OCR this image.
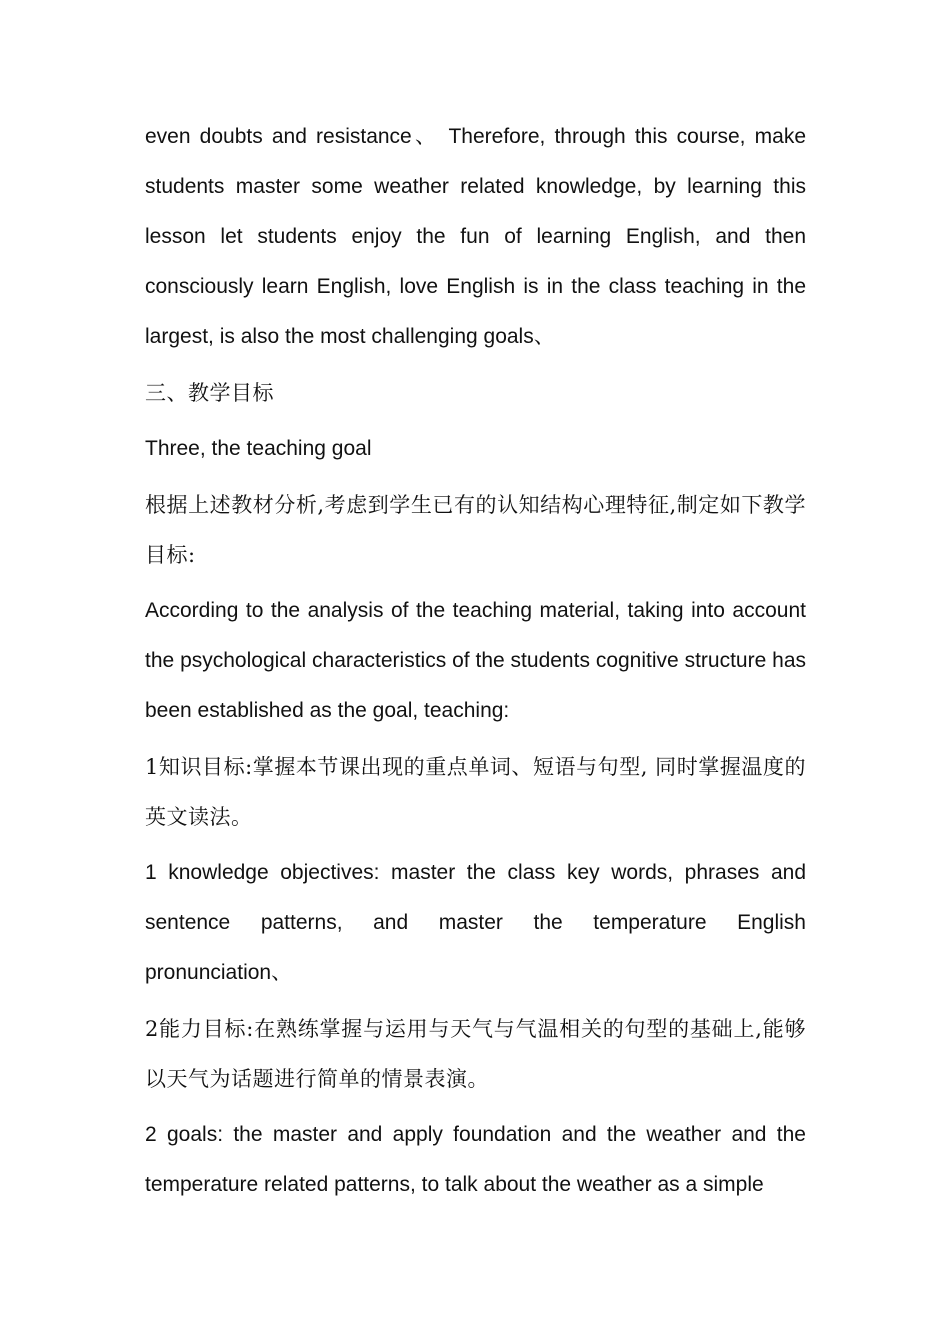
even doubts and resistance、 Therefore, through this course, make students master some weather related knowledge, by learning this lesson let students enjoy the fun of learning English, and then consciously learn English, love English is in the class teaching in the largest, is also the most challenging goals、

三、教学目标

Three, the teaching goal

根据上述教材分析,考虑到学生已有的认知结构心理特征,制定如下教学目标:

According to the analysis of the teaching material, taking into account the psychological characteristics of the students cognitive structure has been established as the goal, teaching:

1知识目标:掌握本节课出现的重点单词、短语与句型, 同时掌握温度的英文读法。

1 knowledge objectives: master the class key words, phrases and sentence patterns, and master the temperature English pronunciation、

2能力目标:在熟练掌握与运用与天气与气温相关的句型的基础上,能够以天气为话题进行简单的情景表演。

2 goals: the master and apply foundation and the weather and the temperature related patterns, to talk about the weather as a simple
